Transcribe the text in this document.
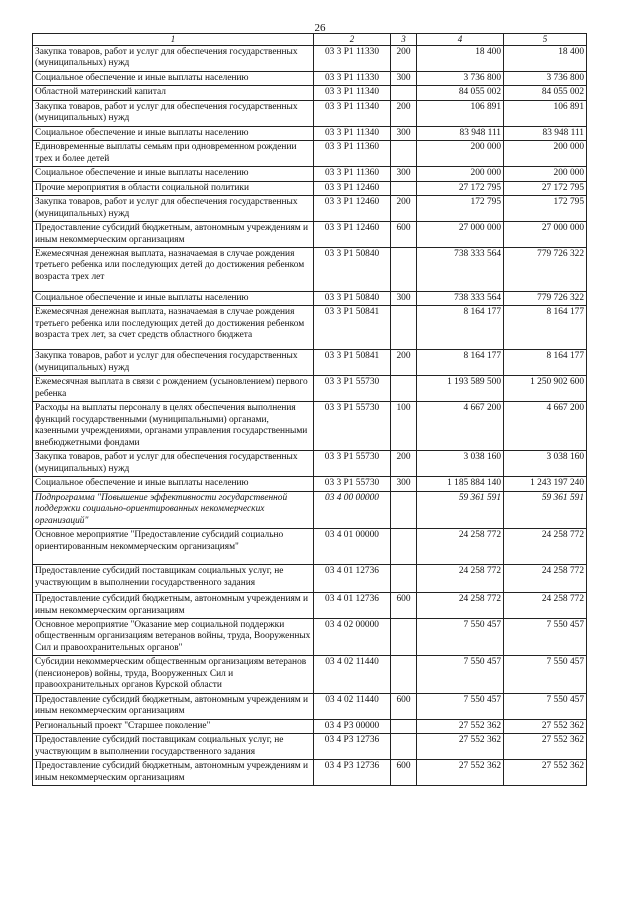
26
1	2	3	4	5
Закупка товаров, работ и услуг для обеспечения государственных (муниципальных) нужд	03 3 Р1 11330	200	18 400	18 400
Социальное обеспечение и иные выплаты населению	03 3 Р1 11330	300	3 736 800	3 736 800
Областной материнский капитал	03 3 Р1 11340		84 055 002	84 055 002
Закупка товаров, работ и услуг для обеспечения государственных (муниципальных) нужд	03 3 Р1 11340	200	106 891	106 891
Социальное обеспечение и иные выплаты населению	03 3 Р1 11340	300	83 948 111	83 948 111
Единовременные выплаты семьям при одновременном рождении трех и более детей	03 3 Р1 11360		200 000	200 000
Социальное обеспечение и иные выплаты населению	03 3 Р1 11360	300	200 000	200 000
Прочие мероприятия в области социальной политики	03 3 Р1 12460		27 172 795	27 172 795
Закупка товаров, работ и услуг для обеспечения государственных (муниципальных) нужд	03 3 Р1 12460	200	172 795	172 795
Предоставление субсидий бюджетным, автономным учреждениям и иным некоммерческим организациям	03 3 Р1 12460	600	27 000 000	27 000 000
Ежемесячная денежная выплата, назначаемая в случае рождения третьего ребенка или последующих детей до достижения ребенком возраста трех лет	03 3 Р1 50840		738 333 564	779 726 322
Социальное обеспечение и иные выплаты населению	03 3 Р1 50840	300	738 333 564	779 726 322
Ежемесячная денежная выплата, назначаемая в случае рождения третьего ребенка или последующих детей до достижения ребенком возраста трех лет, за счет средств областного бюджета	03 3 Р1 50841		8 164 177	8 164 177
Закупка товаров, работ и услуг для обеспечения государственных (муниципальных) нужд	03 3 Р1 50841	200	8 164 177	8 164 177
Ежемесячная выплата в связи с рождением (усыновлением) первого ребенка	03 3 Р1 55730		1 193 589 500	1 250 902 600
Расходы на выплаты персоналу в целях обеспечения выполнения функций государственными (муниципальными) органами, казенными учреждениями, органами управления государственными внебюджетными фондами	03 3 Р1 55730	100	4 667 200	4 667 200
Закупка товаров, работ и услуг для обеспечения государственных (муниципальных) нужд	03 3 Р1 55730	200	3 038 160	3 038 160
Социальное обеспечение и иные выплаты населению	03 3 Р1 55730	300	1 185 884 140	1 243 197 240
Подпрограмма "Повышение эффективности государственной поддержки социально-ориентированных некоммерческих организаций"	03 4 00 00000		59 361 591	59 361 591
Основное мероприятие "Предоставление субсидий социально ориентированным некоммерческим организациям"	03 4 01 00000		24 258 772	24 258 772
Предоставление субсидий поставщикам социальных услуг, не участвующим в выполнении государственного задания	03 4 01 12736		24 258 772	24 258 772
Предоставление субсидий бюджетным, автономным учреждениям и иным некоммерческим организациям	03 4 01 12736	600	24 258 772	24 258 772
Основное мероприятие "Оказание мер социальной поддержки общественным организациям ветеранов войны, труда, Вооруженных Сил и правоохранительных органов"	03 4 02 00000		7 550 457	7 550 457
Субсидии некоммерческим общественным организациям ветеранов (пенсионеров) войны, труда, Вооруженных Сил и правоохранительных органов Курской области	03 4 02 11440		7 550 457	7 550 457
Предоставление субсидий бюджетным, автономным учреждениям и иным некоммерческим организациям	03 4 02 11440	600	7 550 457	7 550 457
Региональный проект "Старшее поколение"	03 4 Р3 00000		27 552 362	27 552 362
Предоставление субсидий поставщикам социальных услуг, не участвующим в выполнении государственного задания	03 4 Р3 12736		27 552 362	27 552 362
Предоставление субсидий бюджетным, автономным учреждениям и иным некоммерческим организациям	03 4 Р3 12736	600	27 552 362	27 552 362
